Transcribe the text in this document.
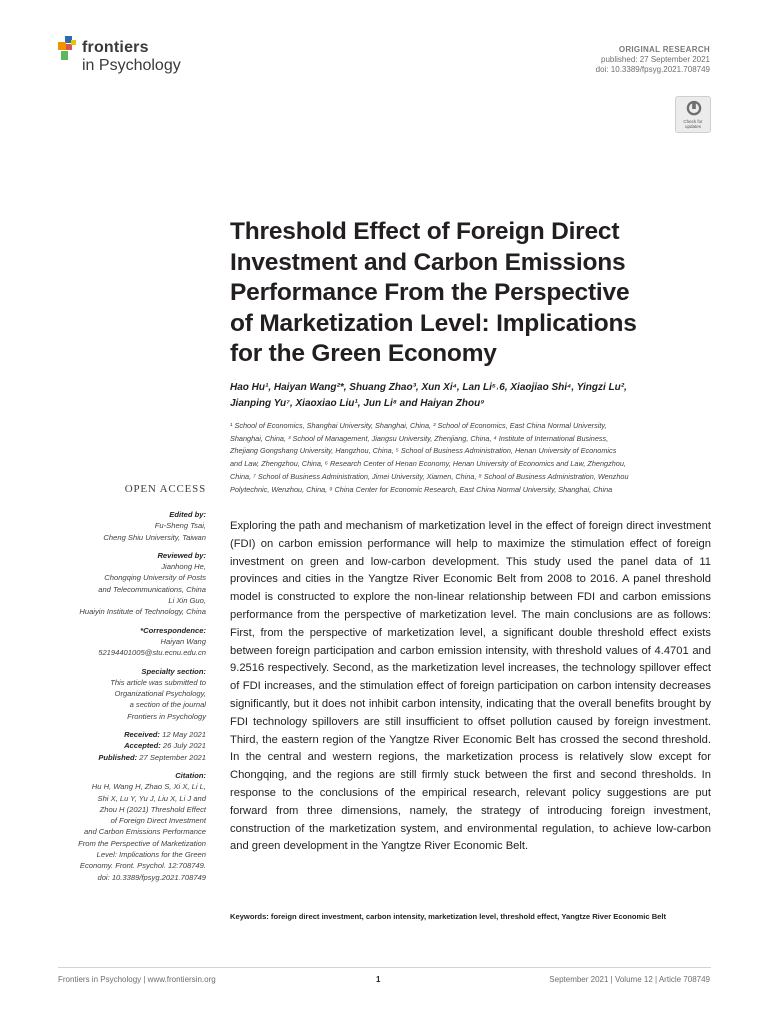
frontiers
in Psychology
ORIGINAL RESEARCH
published: 27 September 2021
doi: 10.3389/fpsyg.2021.708749
Check for
updates
Threshold Effect of Foreign Direct
Investment and Carbon Emissions
Performance From the Perspective
of Marketization Level: Implications
for the Green Economy
Hao Hu¹, Haiyan Wang²*, Shuang Zhao³, Xun Xi⁴, Lan Li⁵˒6, Xiaojiao Shi⁴, Yingzi Lu²,
Jianping Yu⁷, Xiaoxiao Liu¹, Jun Li⁸ and Haiyan Zhou⁹
¹ School of Economics, Shanghai University, Shanghai, China, ² School of Economics, East China Normal University,
Shanghai, China, ³ School of Management, Jiangsu University, Zhenjiang, China, ⁴ Institute of International Business,
Zhejiang Gongshang University, Hangzhou, China, ⁵ School of Business Administration, Henan University of Economics
and Law, Zhengzhou, China, ⁶ Research Center of Henan Economy, Henan University of Economics and Law, Zhengzhou,
China, ⁷ School of Business Administration, Jimei University, Xiamen, China, ⁸ School of Business Administration, Wenzhou
Polytechnic, Wenzhou, China, ⁹ China Center for Economic Research, East China Normal University, Shanghai, China
OPEN ACCESS
Edited by:
Fu-Sheng Tsai,
Cheng Shiu University, Taiwan
Reviewed by:
Jianhong He,
Chongqing University of Posts
and Telecommunications, China
Li Xin Guo,
Huaiyin Institute of Technology, China
*Correspondence:
Haiyan Wang
52194401005@stu.ecnu.edu.cn
Specialty section:
This article was submitted to
Organizational Psychology,
a section of the journal
Frontiers in Psychology
Received: 12 May 2021
Accepted: 26 July 2021
Published: 27 September 2021
Citation:
Hu H, Wang H, Zhao S, Xi X, Li L,
Shi X, Lu Y, Yu J, Liu X, Li J and
Zhou H (2021) Threshold Effect
of Foreign Direct Investment
and Carbon Emissions Performance
From the Perspective of Marketization
Level: Implications for the Green
Economy. Front. Psychol. 12:708749.
doi: 10.3389/fpsyg.2021.708749
Exploring the path and mechanism of marketization level in the effect of foreign direct investment (FDI) on carbon emission performance will help to maximize the stimulation effect of foreign investment on green and low-carbon development. This study used the panel data of 11 provinces and cities in the Yangtze River Economic Belt from 2008 to 2016. A panel threshold model is constructed to explore the non-linear relationship between FDI and carbon emissions performance from the perspective of marketization level. The main conclusions are as follows: First, from the perspective of marketization level, a significant double threshold effect exists between foreign participation and carbon emission intensity, with threshold values of 4.4701 and 9.2516 respectively. Second, as the marketization level increases, the technology spillover effect of FDI increases, and the stimulation effect of foreign participation on carbon intensity decreases significantly, but it does not inhibit carbon intensity, indicating that the overall benefits brought by FDI technology spillovers are still insufficient to offset pollution caused by foreign investment. Third, the eastern region of the Yangtze River Economic Belt has crossed the second threshold. In the central and western regions, the marketization process is relatively slow except for Chongqing, and the regions are still firmly stuck between the first and second thresholds. In response to the conclusions of the empirical research, relevant policy suggestions are put forward from three dimensions, namely, the strategy of introducing foreign investment, construction of the marketization system, and environmental regulation, to achieve low-carbon and green development in the Yangtze River Economic Belt.
Keywords: foreign direct investment, carbon intensity, marketization level, threshold effect, Yangtze River Economic Belt
Frontiers in Psychology | www.frontiersin.org	1	September 2021 | Volume 12 | Article 708749
